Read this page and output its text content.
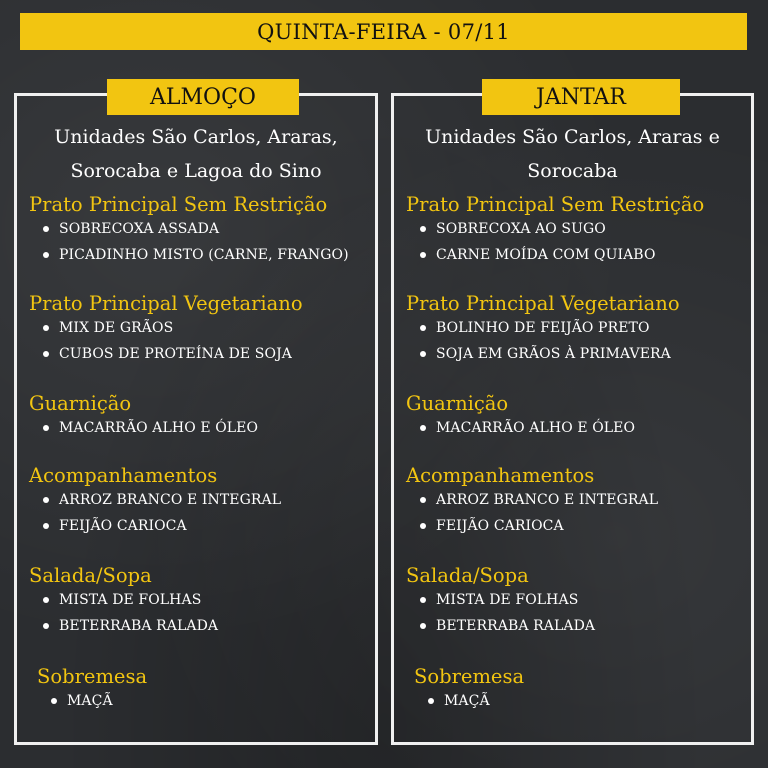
QUINTA-FEIRA - 07/11
ALMOÇO
Unidades São Carlos, Araras,
Sorocaba e Lagoa do Sino
Prato Principal Sem Restrição
SOBRECOXA ASSADA
PICADINHO MISTO (CARNE, FRANGO)
Prato Principal Vegetariano
MIX DE GRÃOS
CUBOS DE PROTEÍNA DE SOJA
Guarnição
MACARRÃO ALHO E ÓLEO
Acompanhamentos
ARROZ BRANCO E INTEGRAL
FEIJÃO CARIOCA
Salada/Sopa
MISTA DE FOLHAS
BETERRABA RALADA
Sobremesa
MAÇÃ
JANTAR
Unidades São Carlos, Araras e
Sorocaba
Prato Principal Sem Restrição
SOBRECOXA AO SUGO
CARNE MOÍDA COM QUIABO
Prato Principal Vegetariano
BOLINHO DE FEIJÃO PRETO
SOJA EM GRÃOS À PRIMAVERA
Guarnição
MACARRÃO ALHO E ÓLEO
Acompanhamentos
ARROZ BRANCO E INTEGRAL
FEIJÃO CARIOCA
Salada/Sopa
MISTA DE FOLHAS
BETERRABA RALADA
Sobremesa
MAÇÃ
